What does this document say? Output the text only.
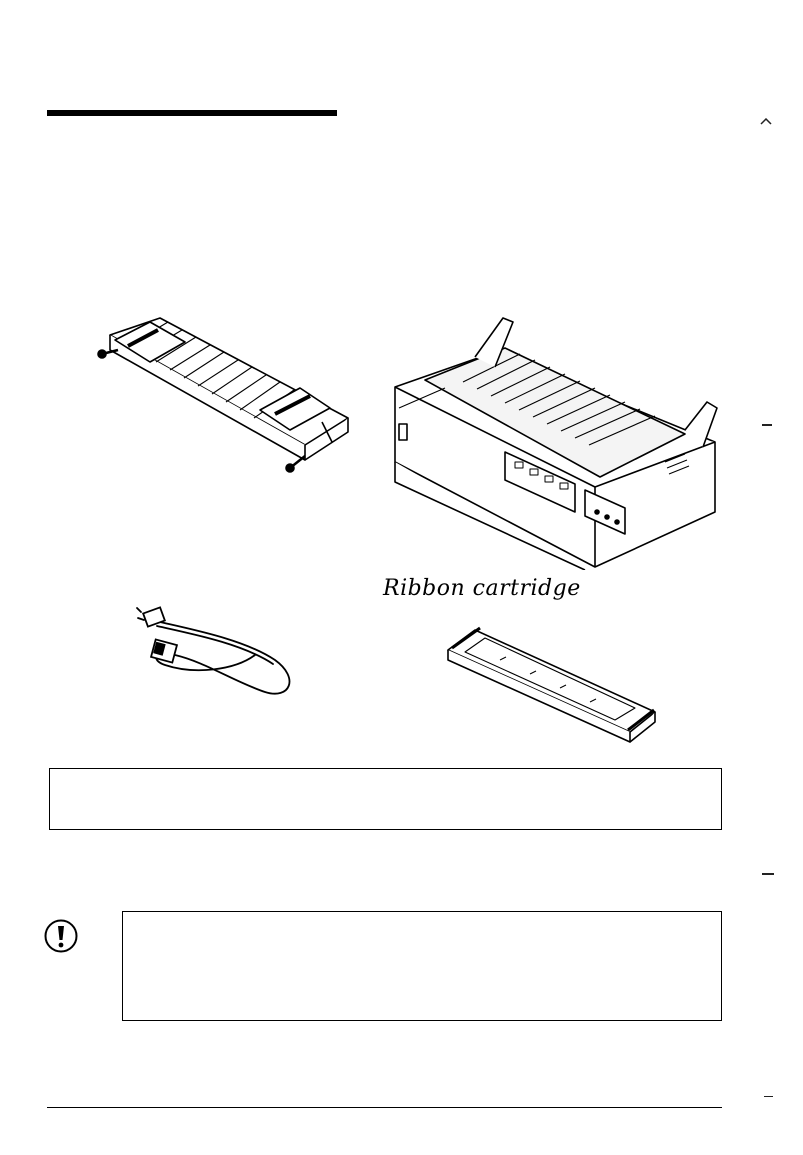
Ribbon cartridge
